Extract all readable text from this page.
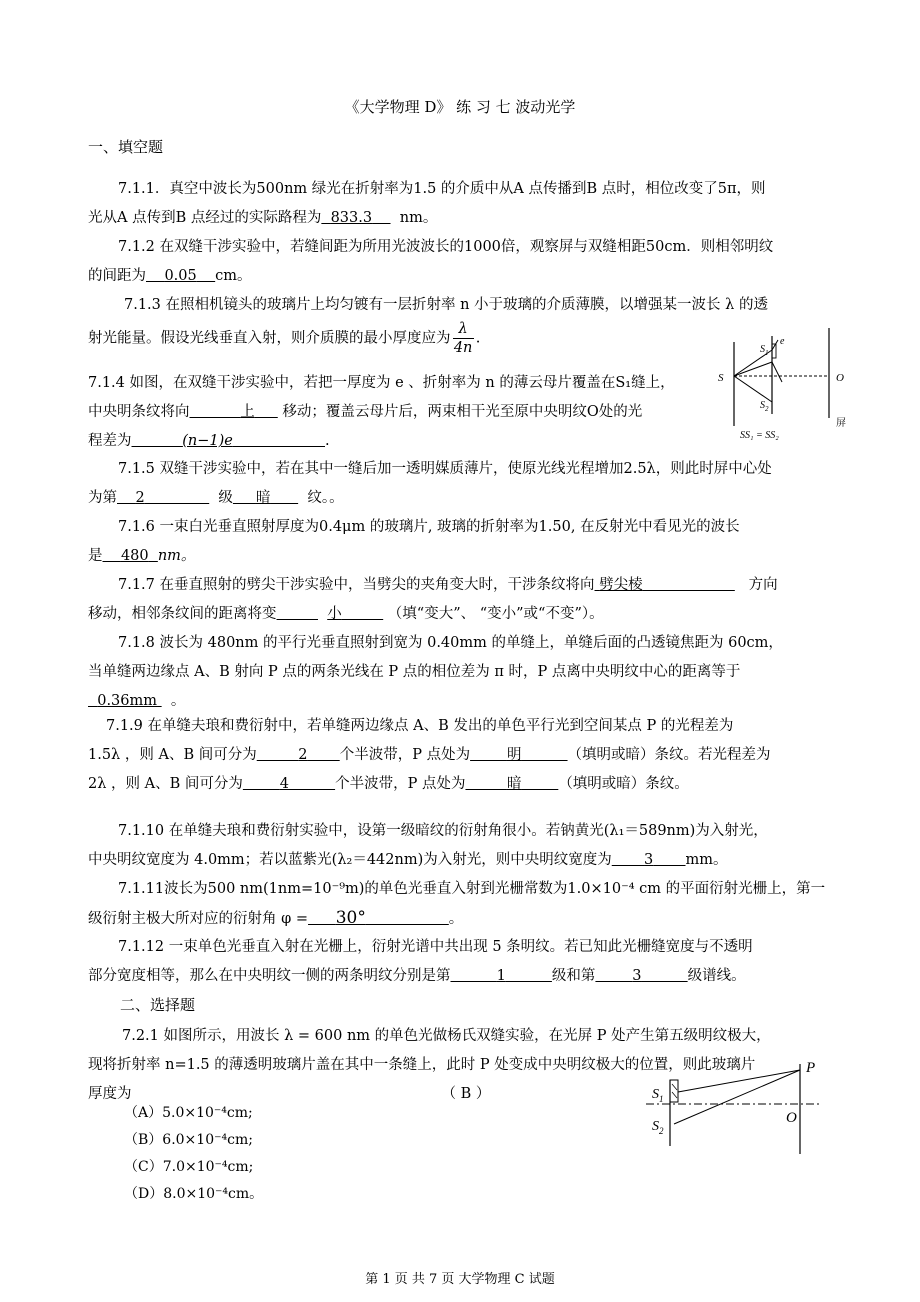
《大学物理 D》 练 习 七 波动光学
一、填空题
7.1.1．真空中波长为500nm 绿光在折射率为1.5 的介质中从A 点传播到B 点时，相位改变了5π，则
光从A 点传到B 点经过的实际路程为 833.3 nm。
7.1.2 在双缝干涉实验中，若缝间距为所用光波波长的1000倍，观察屏与双缝相距50cm．则相邻明纹
的间距为 0.05 cm。
7.1.3 在照相机镜头的玻璃片上均匀镀有一层折射率 n 小于玻璃的介质薄膜，以增强某一波长 λ 的透
射光能量。假设光线垂直入射，则介质膜的最小厚度应为 $\frac{\lambda}{4n}$ .
7.1.4 如图，在双缝干涉实验中，若把一厚度为 e 、折射率为 n 的薄云母片覆盖在S₁缝上，
中央明条纹将向	上 移动；覆盖云母片后，两束相干光至原中央明纹O处的光
程差为	(n−1)e	.
S
$S_1$
e
$S_2$
O
屏
SS₁ = SS₂
7.1.5 双缝干涉实验中，若在其中一缝后加一透明媒质薄片，使原光线光程增加2.5λ，则此时屏中心处
为第 2	级 暗	纹。。
7.1.6 一束白光垂直照射厚度为0.4μm 的玻璃片, 玻璃的折射率为1.50, 在反射光中看见光的波长
是 480 nm。
7.1.7 在垂直照射的劈尖干涉实验中，当劈尖的夹角变大时，干涉条纹将向 劈尖棱	方向
移动，相邻条纹间的距离将变	小	（填“变大”、 “变小”或“不变”）。
7.1.8 波长为 480nm 的平行光垂直照射到宽为 0.40mm 的单缝上，单缝后面的凸透镜焦距为 60cm，
当单缝两边缘点 A、B 射向 P 点的两条光线在 P 点的相位差为 π 时，P 点离中央明纹中心的距离等于
0.36mm 。
7.1.9 在单缝夫琅和费衍射中，若单缝两边缘点 A、B 发出的单色平行光到空间某点 P 的光程差为
1.5λ ，则 A、B 间可分为	2 个半波带，P 点处为	明	（填明或暗）条纹。若光程差为
2λ ，则 A、B 间可分为	4	个半波带，P 点处为	暗	（填明或暗）条纹。
7.1.10 在单缝夫琅和费衍射实验中，设第一级暗纹的衍射角很小。若钠黄光(λ₁＝589nm)为入射光，
中央明纹宽度为 4.0mm；若以蓝紫光(λ₂＝442nm)为入射光，则中央明纹宽度为 3 mm。
7.1.11波长为500 nm(1nm=10⁻⁹m)的单色光垂直入射到光栅常数为1.0×10⁻⁴ cm 的平面衍射光栅上，第一
级衍射主极大所对应的衍射角 φ = 30°	。
7.1.12 一束单色光垂直入射在光栅上，衍射光谱中共出现 5 条明纹。若已知此光栅缝宽度与不透明
部分宽度相等，那么在中央明纹一侧的两条明纹分别是第	1	级和第	3	级谱线。
二、选择题
7.2.1 如图所示，用波长 λ = 600 nm 的单色光做杨氏双缝实验，在光屏 P 处产生第五级明纹极大，
现将折射率 n=1.5 的薄透明玻璃片盖在其中一条缝上，此时 P 处变成中央明纹极大的位置，则此玻璃片
厚度为	（ B ）
（A）5.0×10⁻⁴cm;
（B）6.0×10⁻⁴cm;
（C）7.0×10⁻⁴cm;
（D）8.0×10⁻⁴cm。
P
$S_1$
$S_2$
O
第 1 页 共 7 页 大学物理 C 试题
